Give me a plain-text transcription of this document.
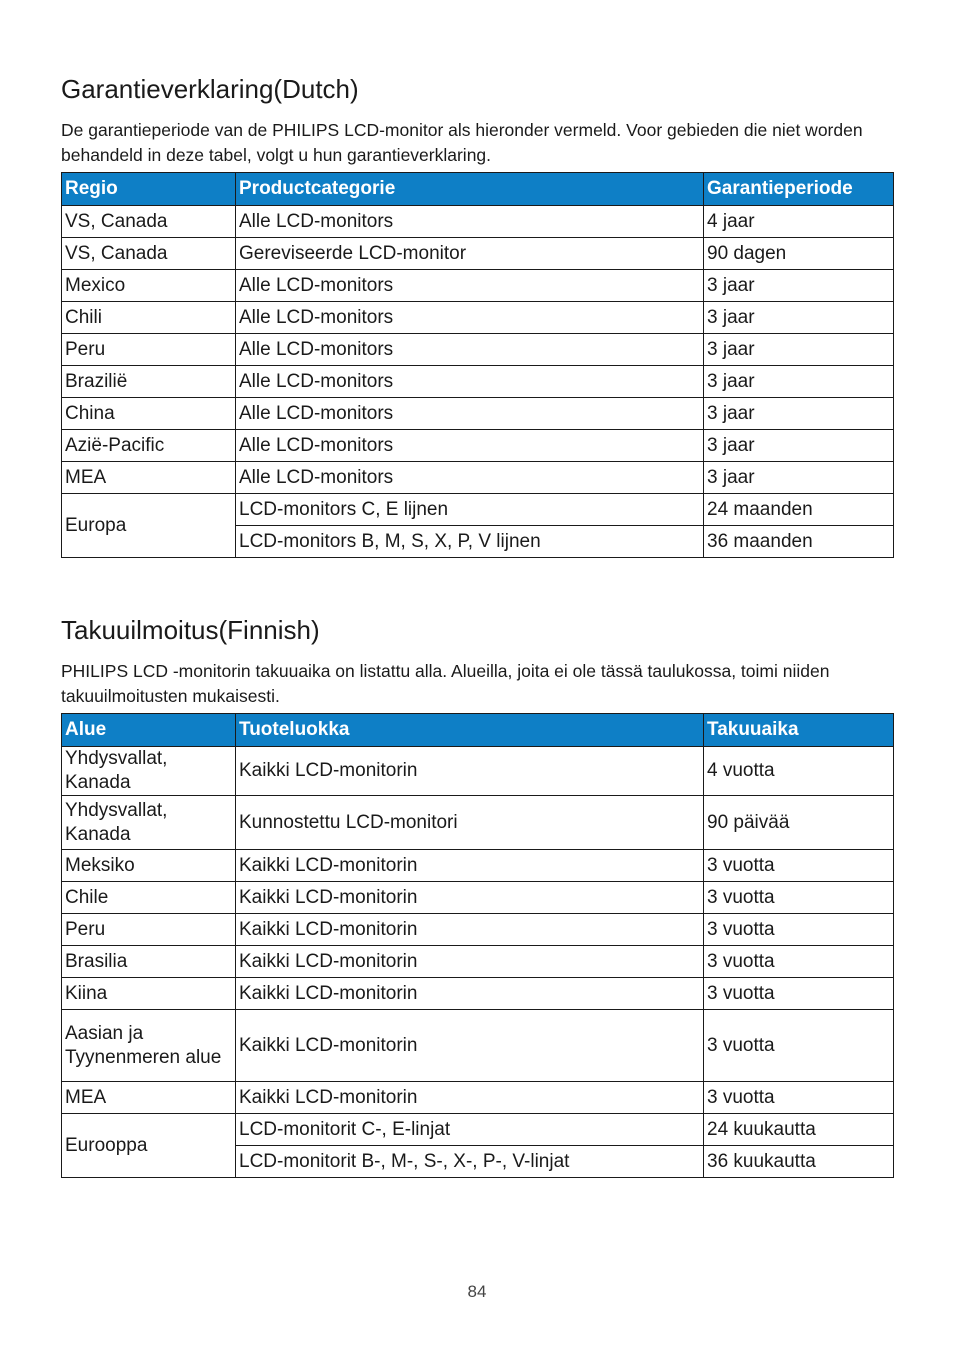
Garantieverklaring(Dutch)

De garantieperiode van de PHILIPS LCD-monitor als hieronder vermeld. Voor gebieden die niet worden behandeld in deze tabel, volgt u hun garantieverklaring.

Regio	Productcategorie	Garantieperiode
VS, Canada	Alle LCD-monitors	4 jaar
VS, Canada	Gereviseerde LCD-monitor	90 dagen
Mexico	Alle LCD-monitors	3 jaar
Chili	Alle LCD-monitors	3 jaar
Peru	Alle LCD-monitors	3 jaar
Brazilië	Alle LCD-monitors	3 jaar
China	Alle LCD-monitors	3 jaar
Azië-Pacific	Alle LCD-monitors	3 jaar
MEA	Alle LCD-monitors	3 jaar
Europa	LCD-monitors C, E lijnen	24 maanden
	LCD-monitors B, M, S, X, P, V lijnen	36 maanden
Takuuilmoitus(Finnish)

PHILIPS LCD -monitorin takuuaika on listattu alla. Alueilla, joita ei ole tässä taulukossa, toimi niiden takuuilmoitusten mukaisesti.

Alue	Tuoteluokka	Takuuaika
Yhdysvallat, Kanada	Kaikki LCD-monitorin	4 vuotta
Yhdysvallat, Kanada	Kunnostettu LCD-monitori	90 päivää
Meksiko	Kaikki LCD-monitorin	3 vuotta
Chile	Kaikki LCD-monitorin	3 vuotta
Peru	Kaikki LCD-monitorin	3 vuotta
Brasilia	Kaikki LCD-monitorin	3 vuotta
Kiina	Kaikki LCD-monitorin	3 vuotta
Aasian ja Tyynenmeren alue	Kaikki LCD-monitorin	3 vuotta
MEA	Kaikki LCD-monitorin	3 vuotta
Eurooppa	LCD-monitorit C-, E-linjat	24 kuukautta
	LCD-monitorit B-, M-, S-, X-, P-, V-linjat	36 kuukautta
84
